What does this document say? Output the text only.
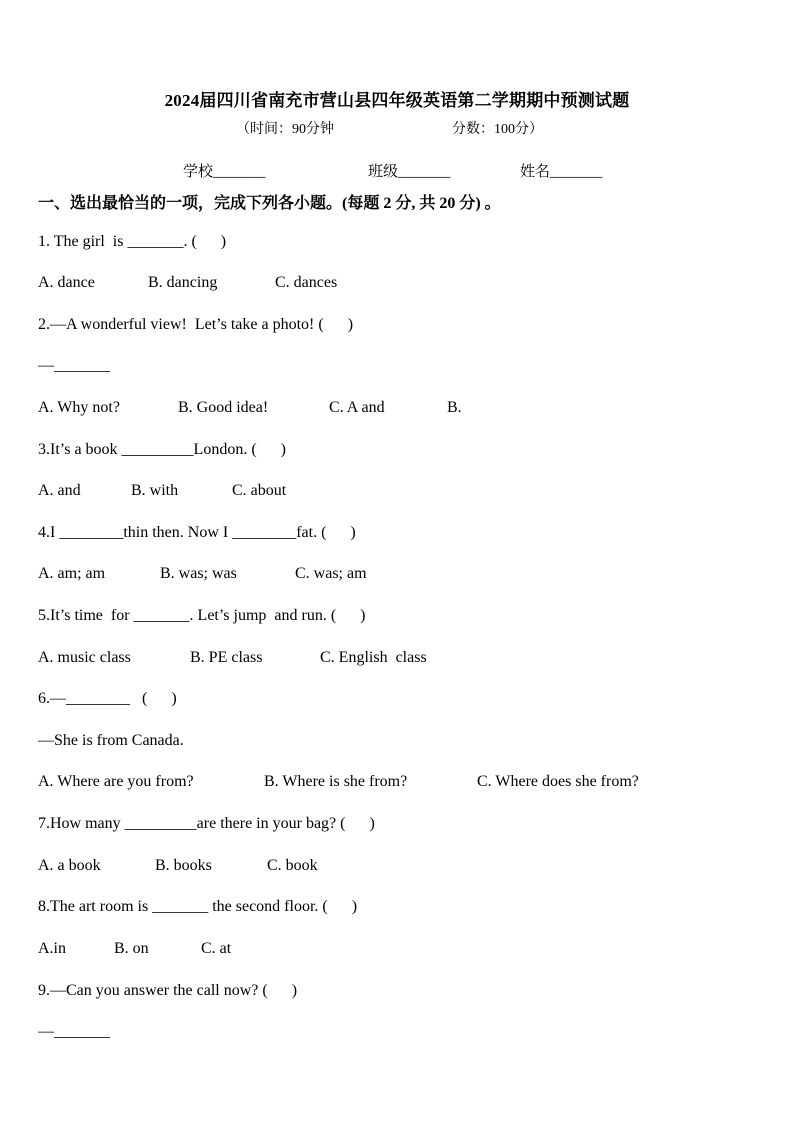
2024届四川省南充市营山县四年级英语第二学期期中预测试题
（时间：90分钟	分数：100分）
学校_______	班级_______	姓名_______
一、选出最恰当的一项，完成下列各小题。(每题 2 分, 共 20 分) 。
1. The girl  is _______. (      )
A. dance	B. dancing	C. dances
2.—A wonderful view!  Let’s take a photo! (      )
—_______
A. Why not?	B. Good idea!	C. A and	B.
3.It’s a book _________London. (      )
A. and	B. with	C. about
4.I ________thin then. Now I ________fat. (      )
A. am; am	B. was; was	C. was; am
5.It’s time  for _______. Let’s jump  and run. (      )
A. music class	B. PE class	C. English  class
6.—________   (      )
—She is from Canada.
A. Where are you from?	B. Where is she from?	C. Where does she from?
7.How many _________are there in your bag? (      )
A. a book	B. books	C. book
8.The art room is _______ the second floor. (      )
A.in	B. on	C. at
9.—Can you answer the call now? (      )
—_______
